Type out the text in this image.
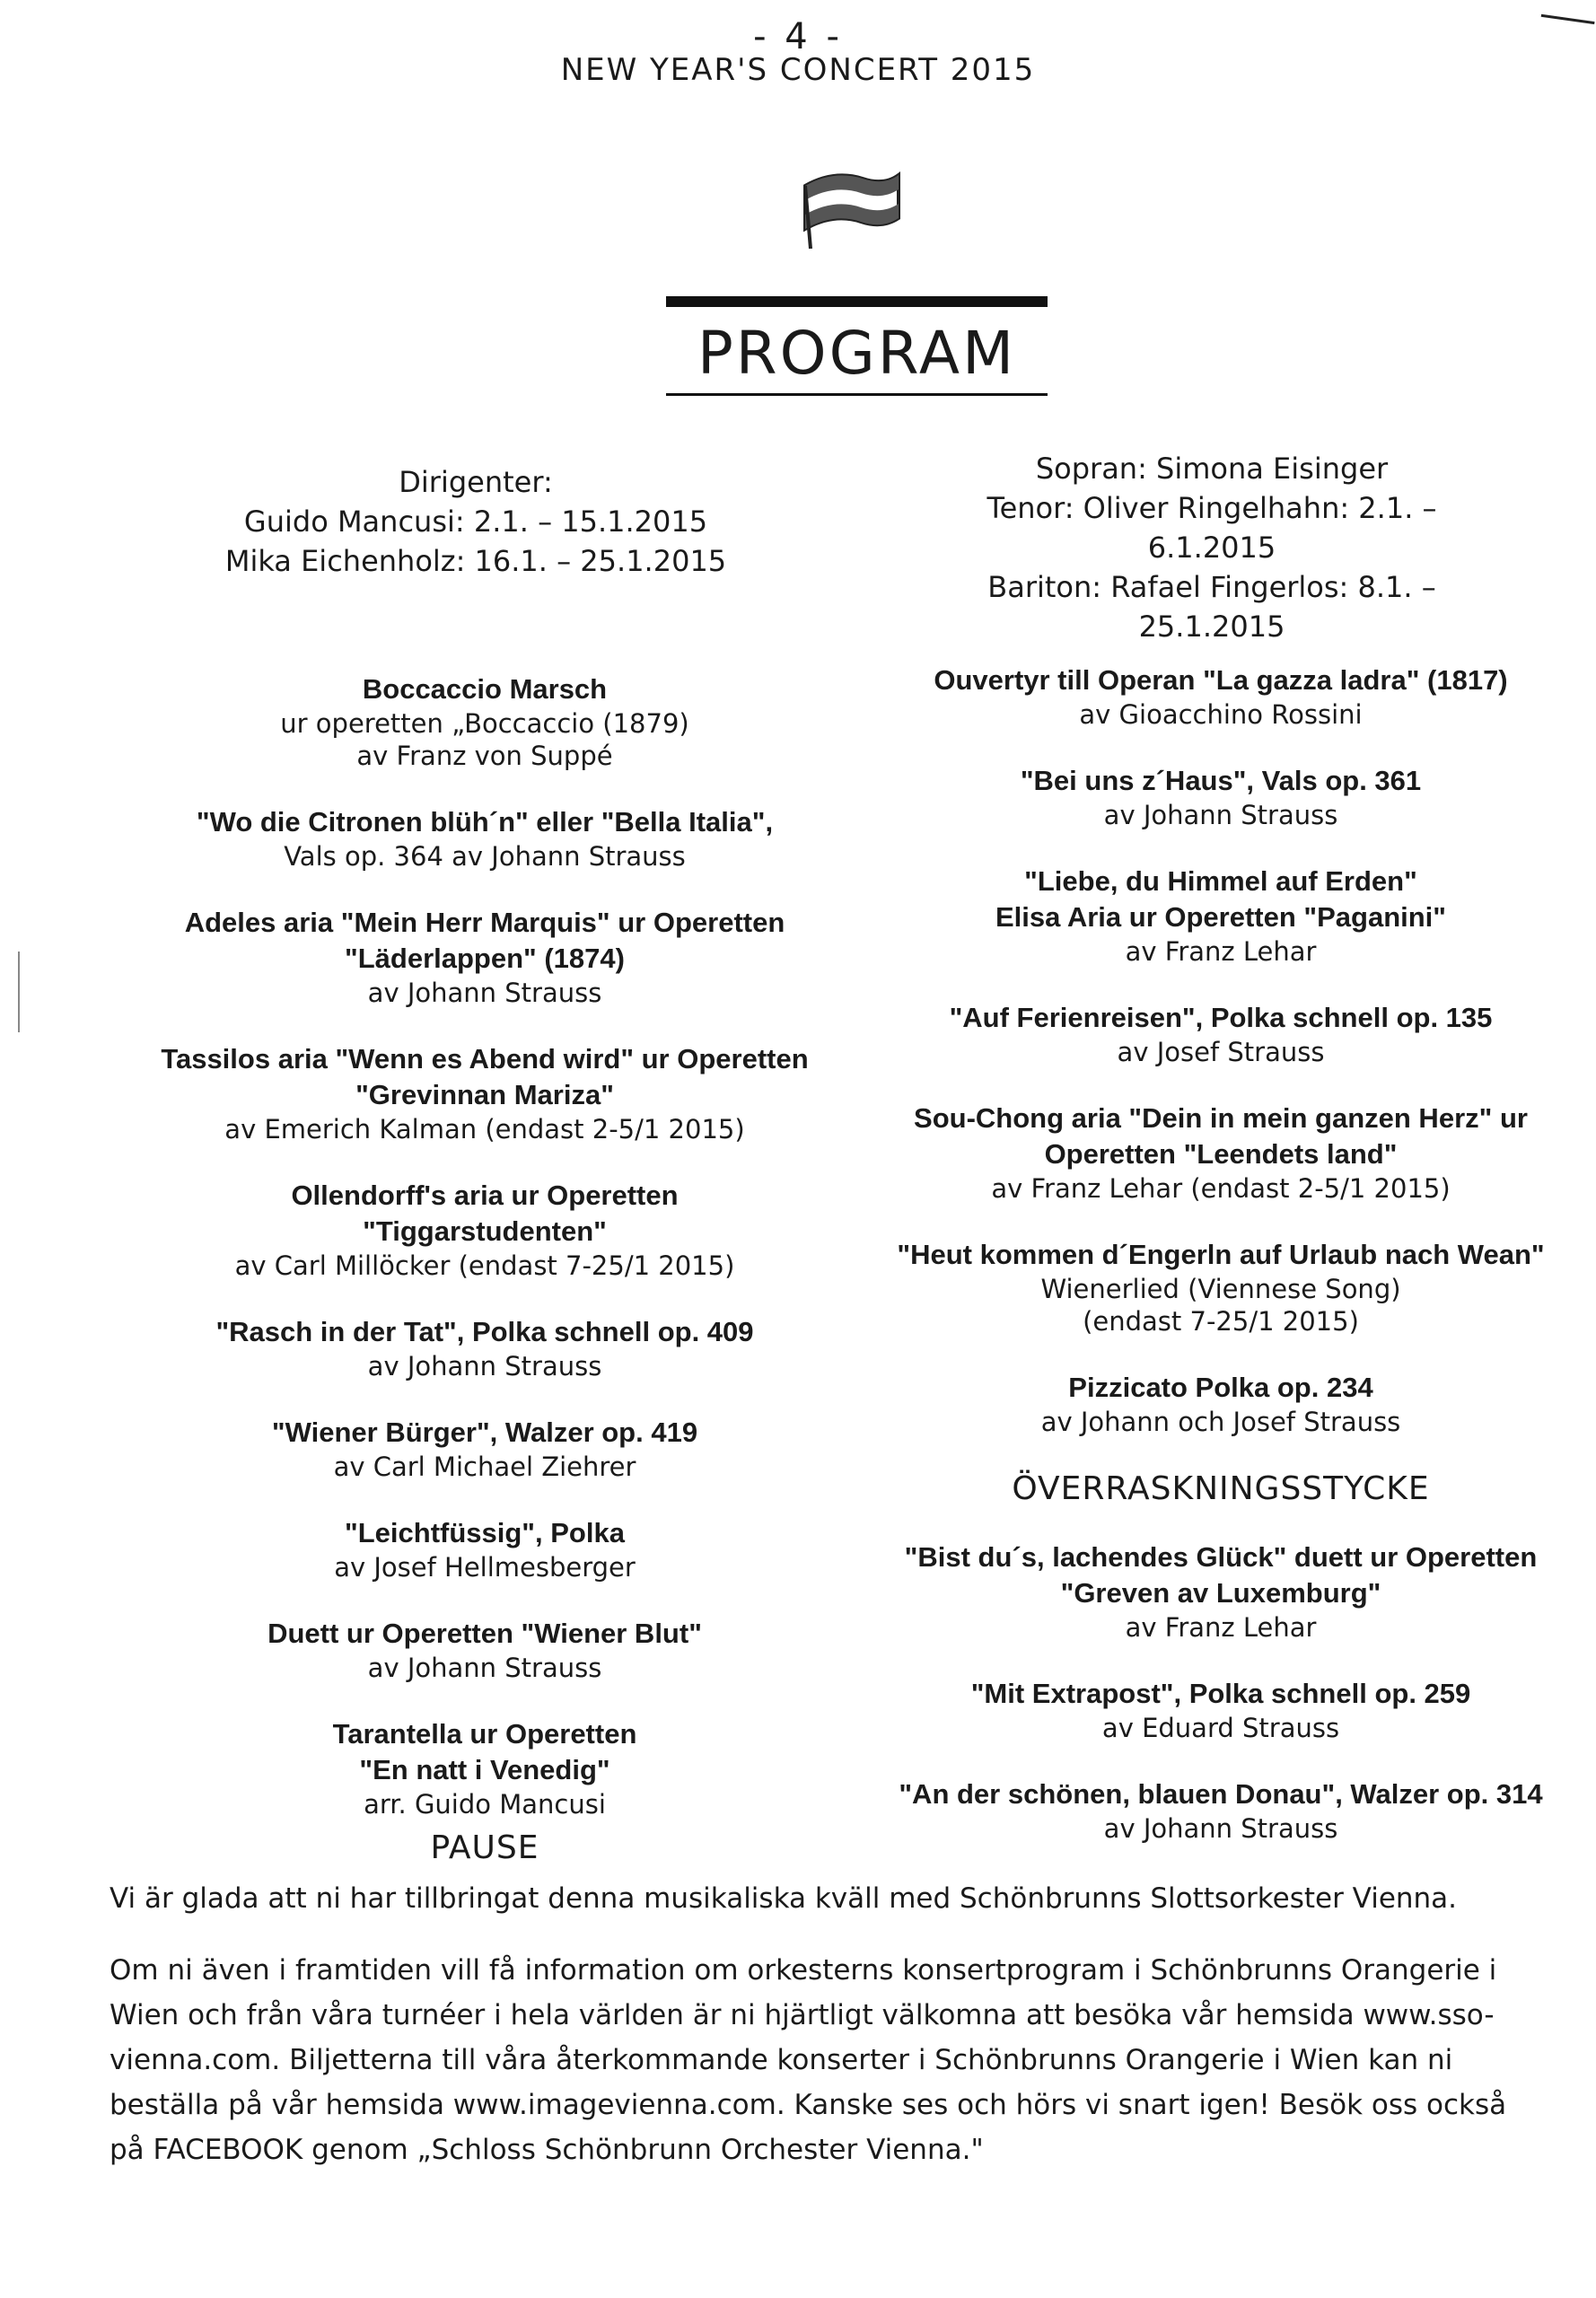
- 4 -
NEW YEAR'S CONCERT 2015
PROGRAM
Dirigenter:
Guido Mancusi: 2.1. – 15.1.2015
Mika Eichenholz: 16.1. – 25.1.2015
Sopran: Simona Eisinger
Tenor: Oliver Ringelhahn: 2.1. – 6.1.2015
Bariton: Rafael Fingerlos: 8.1. – 25.1.2015
Boccaccio Marsch
ur operetten „Boccaccio (1879)
av Franz von Suppé
"Wo die Citronen blüh´n" eller "Bella Italia",
Vals op. 364 av Johann Strauss
Adeles aria "Mein Herr Marquis" ur Operetten
"Läderlappen" (1874)
av Johann Strauss
Tassilos aria "Wenn es Abend wird" ur Operetten
"Grevinnan Mariza"
av Emerich Kalman (endast 2-5/1 2015)
Ollendorff's aria ur Operetten
"Tiggarstudenten"
av Carl Millöcker (endast 7-25/1 2015)
"Rasch in der Tat", Polka schnell op. 409
av Johann Strauss
"Wiener Bürger", Walzer op. 419
av Carl Michael Ziehrer
"Leichtfüssig", Polka
av Josef Hellmesberger
Duett ur Operetten "Wiener Blut"
av Johann Strauss
Tarantella ur Operetten
"En natt i Venedig"
arr. Guido Mancusi
PAUSE
Ouvertyr till Operan "La gazza ladra" (1817)
av Gioacchino Rossini
"Bei uns z´Haus", Vals op. 361
av Johann Strauss
"Liebe, du Himmel auf Erden"
Elisa Aria ur Operetten "Paganini"
av Franz Lehar
"Auf Ferienreisen", Polka schnell op. 135
av Josef Strauss
Sou-Chong aria "Dein in mein ganzen Herz" ur
Operetten "Leendets land"
av Franz Lehar (endast 2-5/1 2015)
"Heut kommen d´Engerln auf Urlaub nach Wean"
Wienerlied (Viennese Song)
(endast 7-25/1 2015)
Pizzicato Polka op. 234
av Johann och Josef Strauss
ÖVERRASKNINGSSTYCKE
"Bist du´s, lachendes Glück" duett ur Operetten
"Greven av Luxemburg"
av Franz Lehar
"Mit Extrapost", Polka schnell op. 259
av Eduard Strauss
"An der schönen, blauen Donau", Walzer op. 314
av Johann Strauss

Vi är glada att ni har tillbringat denna musikaliska kväll med Schönbrunns Slottsorkester Vienna.

Om ni även i framtiden vill få information om orkesterns konsertprogram i Schönbrunns Orangerie i Wien och från våra turnéer i hela världen är ni hjärtligt välkomna att besöka vår hemsida www.sso-vienna.com. Biljetterna till våra återkommande konserter i Schönbrunns Orangerie i Wien kan ni beställa på vår hemsida www.imagevienna.com. Kanske ses och hörs vi snart igen! Besök oss också på FACEBOOK genom „Schloss Schönbrunn Orchester Vienna."
